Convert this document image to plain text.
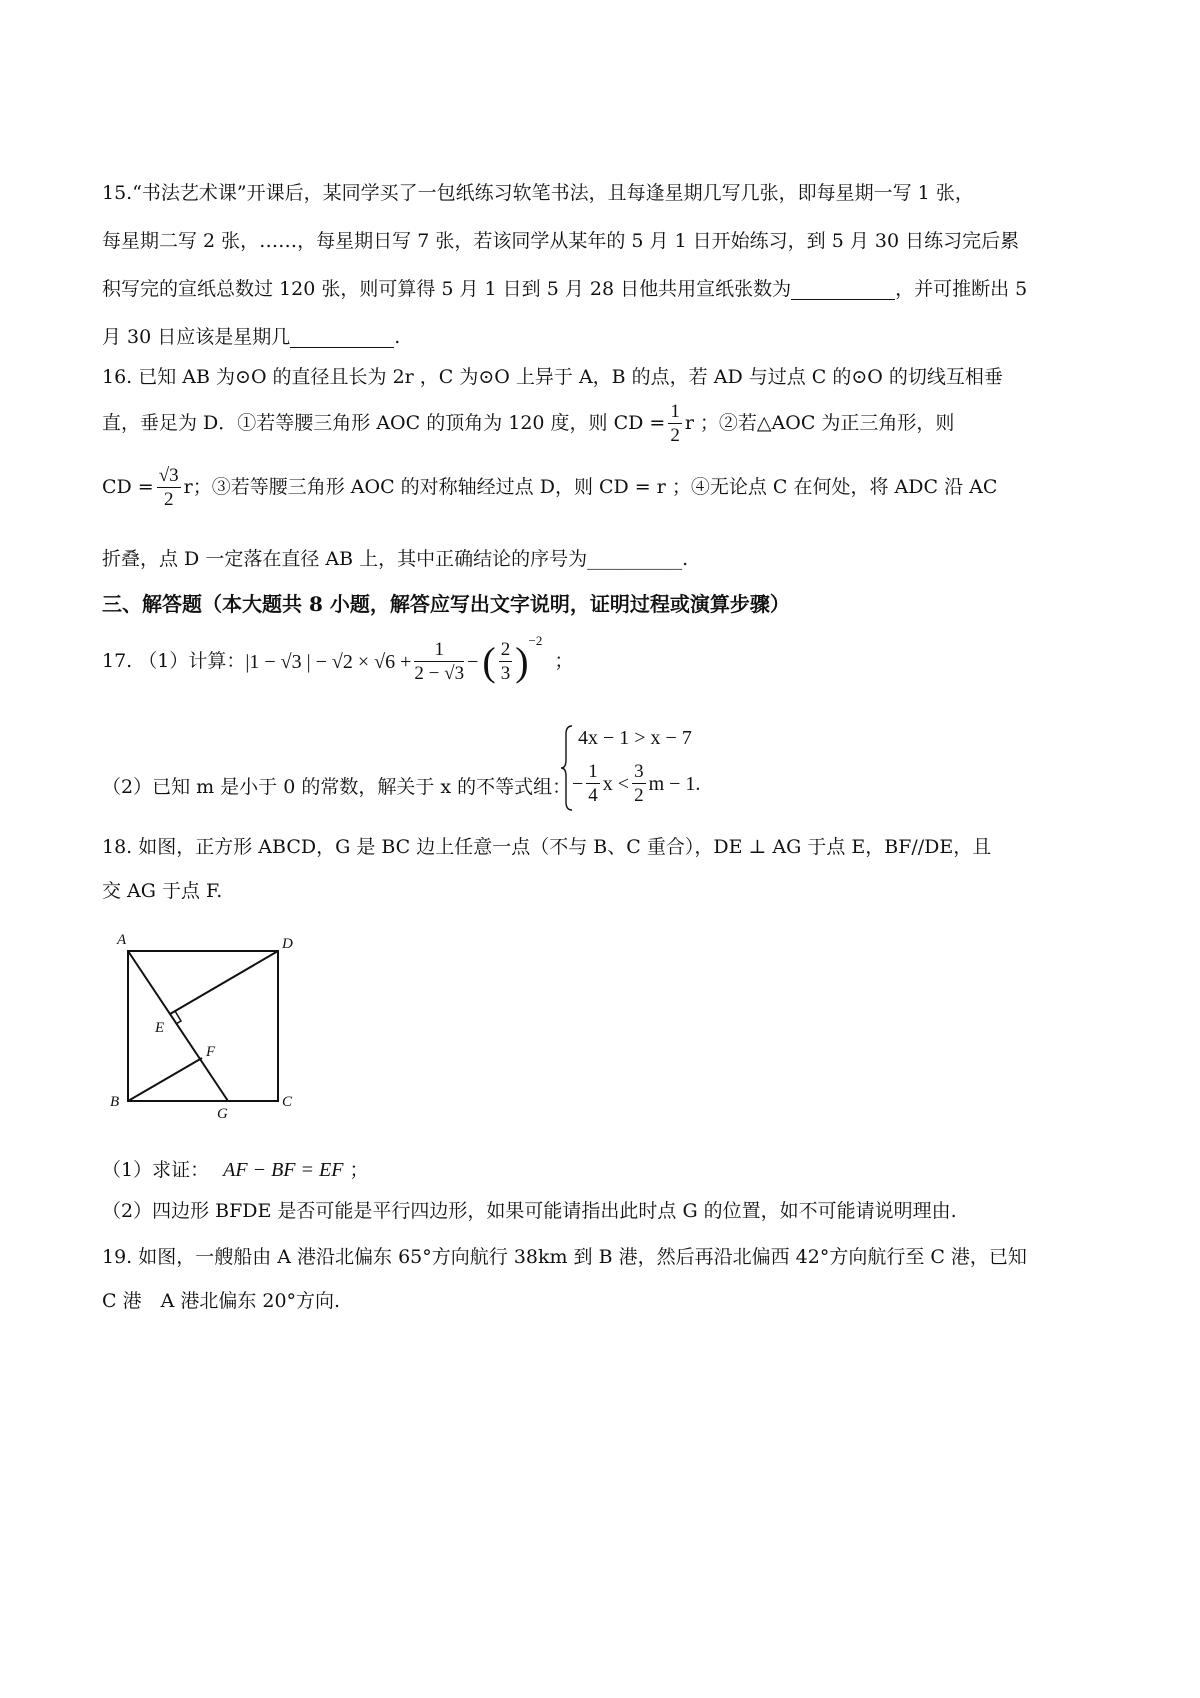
15.“书法艺术课”开课后，某同学买了一包纸练习软笔书法，且每逢星期几写几张，即每星期一写 1 张，
每星期二写 2 张，……，每星期日写 7 张，若该同学从某年的 5 月 1 日开始练习，到 5 月 30 日练习完后累
积写完的宣纸总数过 120 张，则可算得 5 月 1 日到 5 月 28 日他共用宣纸张数为	，并可推断出 5
月 30 日应该是星期几	.
16. 已知 AB 为⊙O 的直径且长为 2r ，C 为⊙O 上异于 A，B 的点，若 AD 与过点 C 的⊙O 的切线互相垂
直，垂足为 D．①若等腰三角形 AOC 的顶角为 120 度，则 CD = $\frac{1}{2}$ r ；②若△AOC 为正三角形，则
CD = $\frac{√3}{2}$ r；③若等腰三角形 AOC 的对称轴经过点 D，则 CD = r ；④无论点 C 在何处，将 ADC 沿 AC
折叠，点 D 一定落在直径 AB 上，其中正确结论的序号为__________.
三、解答题（本大题共 8 小题，解答应写出文字说明，证明过程或演算步骤）
17. （1）计算： |1 − √3 | − $√2 \times √6 + \frac{1}{2 - √3}$ − ( $\frac{2}{3}$ ) −2
；
（2）已知 m 是小于 0 的常数，解关于 x 的不等式组：
4x − 1 > x − 7
− $\frac{1}{4}$ $x < \frac{3}{2}$ m − 1 .
18. 如图，正方形 ABCD，G 是 BC 边上任意一点（不与 B、C 重合），DE ⊥ AG 于点 E，BF//DE，且
交 AG 于点 F.
A	D
E
F
B	C
G
（1）求证： AF − BF = EF ；
（2）四边形 BFDE 是否可能是平行四边形，如果可能请指出此时点 G 的位置，如不可能请说明理由.
19. 如图，一艘船由 A 港沿北偏东 65°方向航行 38km 到 B 港，然后再沿北偏西 42°方向航行至 C 港，已知
C 港　A 港北偏东 20°方向.
